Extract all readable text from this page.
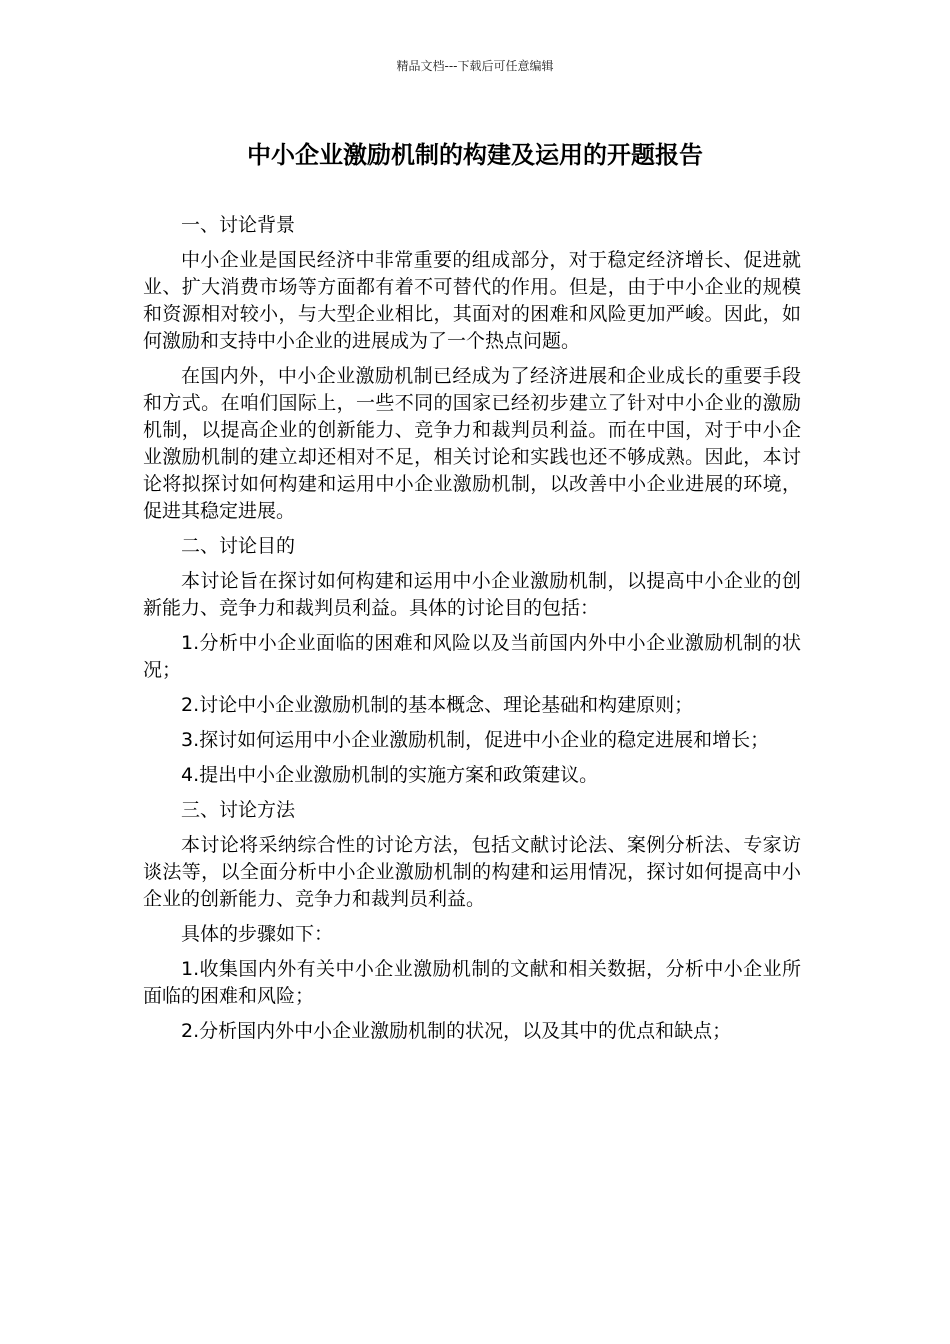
精品文档---下载后可任意编辑
中小企业激励机制的构建及运用的开题报告

一、讨论背景

中小企业是国民经济中非常重要的组成部分，对于稳定经济增长、促进就业、扩大消费市场等方面都有着不可替代的作用。但是，由于中小企业的规模和资源相对较小，与大型企业相比，其面对的困难和风险更加严峻。因此，如何激励和支持中小企业的进展成为了一个热点问题。

在国内外，中小企业激励机制已经成为了经济进展和企业成长的重要手段和方式。在咱们国际上，一些不同的国家已经初步建立了针对中小企业的激励机制，以提高企业的创新能力、竞争力和裁判员利益。而在中国，对于中小企业激励机制的建立却还相对不足，相关讨论和实践也还不够成熟。因此，本讨论将拟探讨如何构建和运用中小企业激励机制，以改善中小企业进展的环境，促进其稳定进展。

二、讨论目的

本讨论旨在探讨如何构建和运用中小企业激励机制，以提高中小企业的创新能力、竞争力和裁判员利益。具体的讨论目的包括：

1.分析中小企业面临的困难和风险以及当前国内外中小企业激励机制的状况；

2.讨论中小企业激励机制的基本概念、理论基础和构建原则；

3.探讨如何运用中小企业激励机制，促进中小企业的稳定进展和增长；

4.提出中小企业激励机制的实施方案和政策建议。

三、讨论方法

本讨论将采纳综合性的讨论方法，包括文献讨论法、案例分析法、专家访谈法等，以全面分析中小企业激励机制的构建和运用情况，探讨如何提高中小企业的创新能力、竞争力和裁判员利益。

具体的步骤如下：

1.收集国内外有关中小企业激励机制的文献和相关数据，分析中小企业所面临的困难和风险；

2.分析国内外中小企业激励机制的状况，以及其中的优点和缺点；
